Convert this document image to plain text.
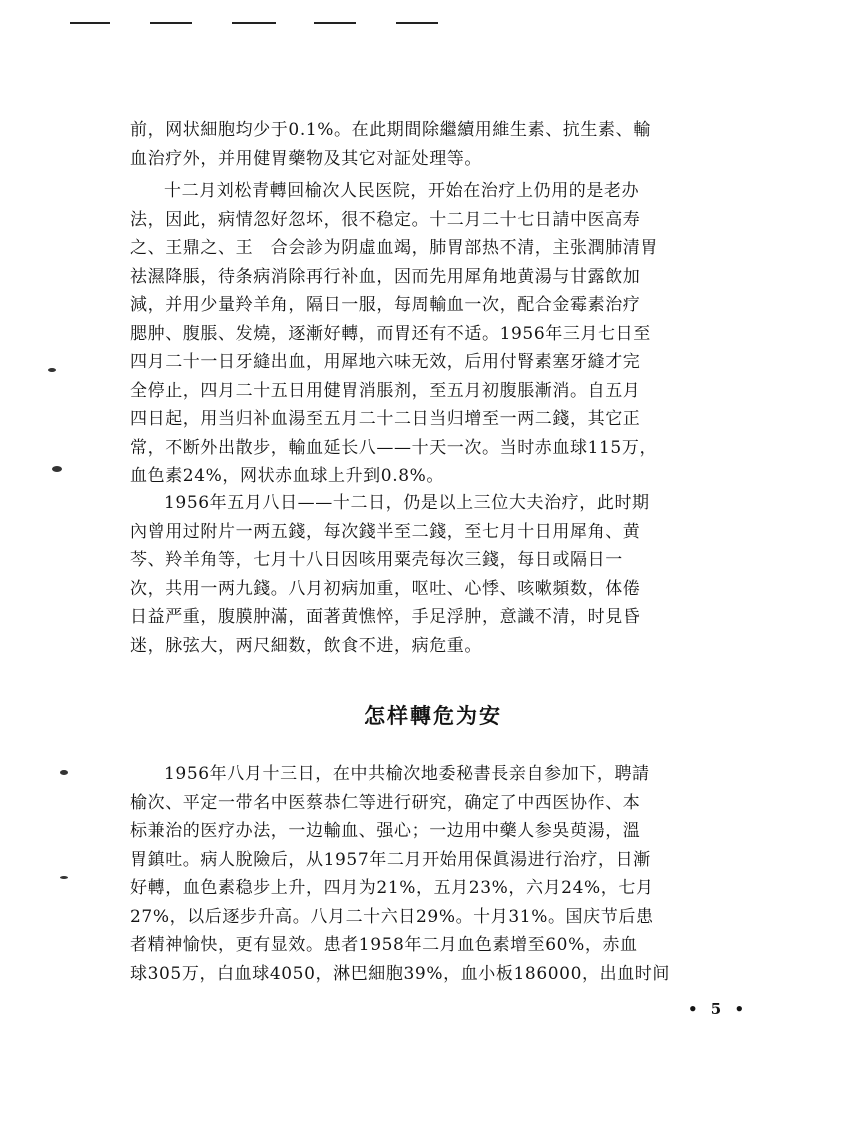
前，网状細胞均少于0.1%。在此期間除繼續用維生素、抗生素、輸
血治疗外，并用健胃藥物及其它对証处理等。
十二月刘松青轉回榆次人民医院，开始在治疗上仍用的是老办
法，因此，病情忽好忽坏，很不稳定。十二月二十七日請中医高寿
之、王鼎之、王　合会診为阴虛血竭，肺胃部热不清，主张潤肺清胃
祛濕降脹，待条病消除再行补血，因而先用犀角地黄湯与甘露飲加
減，并用少量羚羊角，隔日一服，每周輸血一次，配合金霉素治疗
腮肿、腹脹、发燒，逐漸好轉，而胃还有不适。1956年三月七日至
四月二十一日牙縫出血，用犀地六味无效，后用付腎素塞牙縫才完
全停止，四月二十五日用健胃消脹剂，至五月初腹脹漸消。自五月
四日起，用当归补血湯至五月二十二日当归增至一两二錢，其它正
常，不断外出散步，輸血延长八——十天一次。当时赤血球115万，
血色素24%，网状赤血球上升到0.8%。
1956年五月八日——十二日，仍是以上三位大夫治疗，此时期
內曾用过附片一两五錢，每次錢半至二錢，至七月十日用犀角、黄
芩、羚羊角等，七月十八日因咳用粟壳每次三錢，每日或隔日一
次，共用一两九錢。八月初病加重，呕吐、心悸、咳嗽頻数，体倦
日益严重，腹膜肿滿，面著黄憔悴，手足浮肿，意識不清，时見昏
迷，脉弦大，两尺細数，飲食不进，病危重。
怎样轉危为安
1956年八月十三日，在中共榆次地委秘書長亲自参加下，聘請
榆次、平定一带名中医蔡恭仁等进行研究，确定了中西医协作、本
标兼治的医疗办法，一边輸血、强心；一边用中藥人参吳萸湯，溫
胃鎮吐。病人脫險后，从1957年二月开始用保眞湯进行治疗，日漸
好轉，血色素稳步上升，四月为21%，五月23%，六月24%，七月
27%，以后逐步升高。八月二十六日29%。十月31%。国庆节后患
者精神愉快，更有显效。患者1958年二月血色素增至60%，赤血
球305万，白血球4050，淋巴細胞39%，血小板186000，出血时间
• 5 •
